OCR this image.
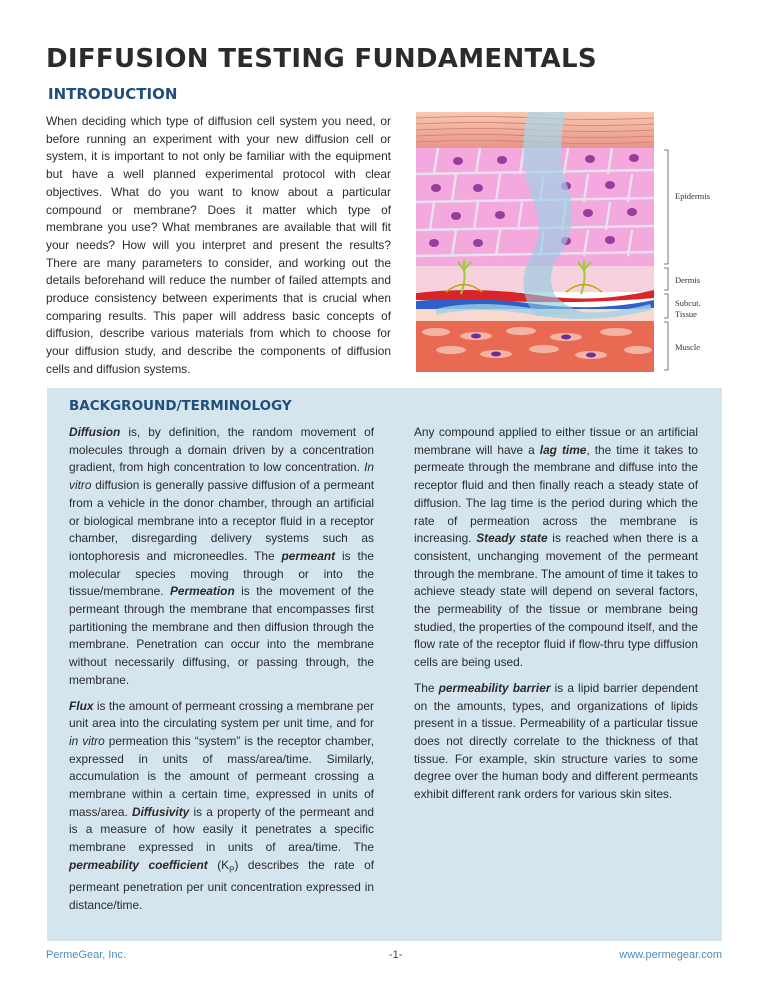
DIFFUSION TESTING FUNDAMENTALS
INTRODUCTION

When deciding which type of diffusion cell system you need, or before running an experiment with your new diffusion cell or system, it is important to not only be familiar with the equipment but have a well planned experimental protocol with clear objectives. What do you want to know about a particular compound or membrane? Does it matter which type of membrane you use? What membranes are available that will fit your needs? How will you interpret and present the results? There are many parameters to consider, and working out the details beforehand will reduce the number of failed attempts and produce consistency between experiments that is crucial when comparing results. This paper will address basic concepts of diffusion, describe various materials from which to choose for your diffusion study, and describe the components of diffusion cells and diffusion systems.

Epidermis
Dermis
Subcut.
Tissue
Muscle
BACKGROUND/TERMINOLOGY

Diffusion is, by definition, the random movement of molecules through a domain driven by a concentration gradient, from high concentration to low concentration. In vitro diffusion is generally passive diffusion of a permeant from a vehicle in the donor chamber, through an artificial or biological membrane into a receptor fluid in a receptor chamber, disregarding delivery systems such as iontophoresis and microneedles. The permeant is the molecular species moving through or into the tissue/membrane. Permeation is the movement of the permeant through the membrane that encompasses first partitioning the membrane and then diffusion through the membrane. Penetration can occur into the membrane without necessarily diffusing, or passing through, the membrane.

Flux is the amount of permeant crossing a membrane per unit area into the circulating system per unit time, and for in vitro permeation this “system” is the receptor chamber, expressed in units of mass/area/time. Similarly, accumulation is the amount of permeant crossing a membrane within a certain time, expressed in units of mass/area. Diffusivity is a property of the permeant and is a measure of how easily it penetrates a specific membrane expressed in units of area/time. The permeability coefficient $(K_P)$ describes the rate of permeant penetration per unit concentration expressed in distance/time.

Any compound applied to either tissue or an artificial membrane will have a lag time, the time it takes to permeate through the membrane and diffuse into the receptor fluid and then finally reach a steady state of diffusion. The lag time is the period during which the rate of permeation across the membrane is increasing. Steady state is reached when there is a consistent, unchanging movement of the permeant through the membrane. The amount of time it takes to achieve steady state will depend on several factors, the permeability of the tissue or membrane being studied, the properties of the compound itself, and the flow rate of the receptor fluid if flow-thru type diffusion cells are being used.

The permeability barrier is a lipid barrier dependent on the amounts, types, and organizations of lipids present in a tissue. Permeability of a particular tissue does not directly correlate to the thickness of that tissue. For example, skin structure varies to some degree over the human body and different permeants exhibit different rank orders for various skin sites.

PermeGear, Inc.	-1-	www.permegear.com
